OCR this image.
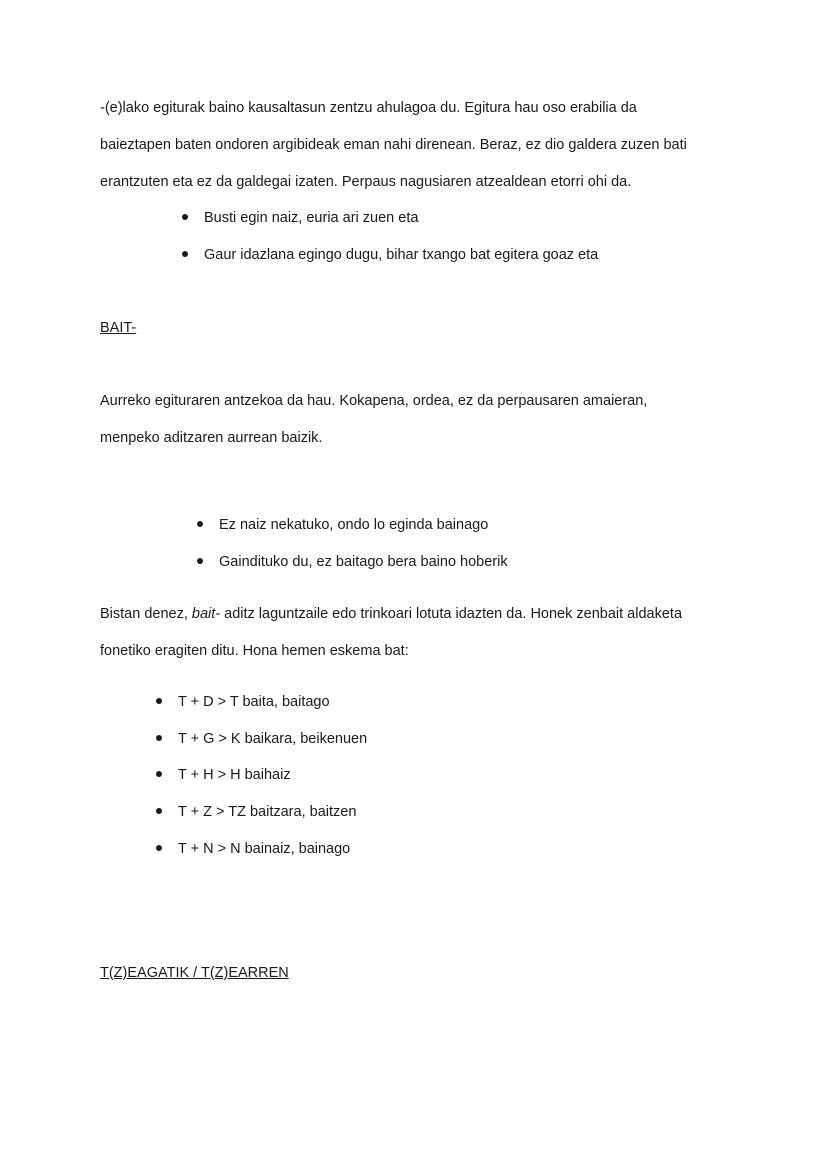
-(e)lako egiturak baino kausaltasun zentzu ahulagoa du. Egitura hau oso erabilia da
baieztapen baten ondoren argibideak eman nahi direnean. Beraz, ez dio galdera zuzen bati
erantzuten eta ez da galdegai izaten. Perpaus nagusiaren atzealdean etorri ohi da.
Busti egin naiz, euria ari zuen eta
Gaur idazlana egingo dugu, bihar txango bat egitera goaz eta
BAIT-
Aurreko egituraren antzekoa da hau. Kokapena, ordea, ez da perpausaren amaieran,
menpeko aditzaren aurrean baizik.
Ez naiz nekatuko, ondo lo eginda bainago
Gaindituko du, ez baitago bera baino hoberik
Bistan denez, bait- aditz laguntzaile edo trinkoari lotuta idazten da. Honek zenbait aldaketa
fonetiko eragiten ditu. Hona hemen eskema bat:
T + D > T baita, baitago
T + G > K baikara, beikenuen
T + H > H baihaiz
T + Z > TZ baitzara, baitzen
T + N > N bainaiz, bainago
T(Z)EAGATIK / T(Z)EARREN
